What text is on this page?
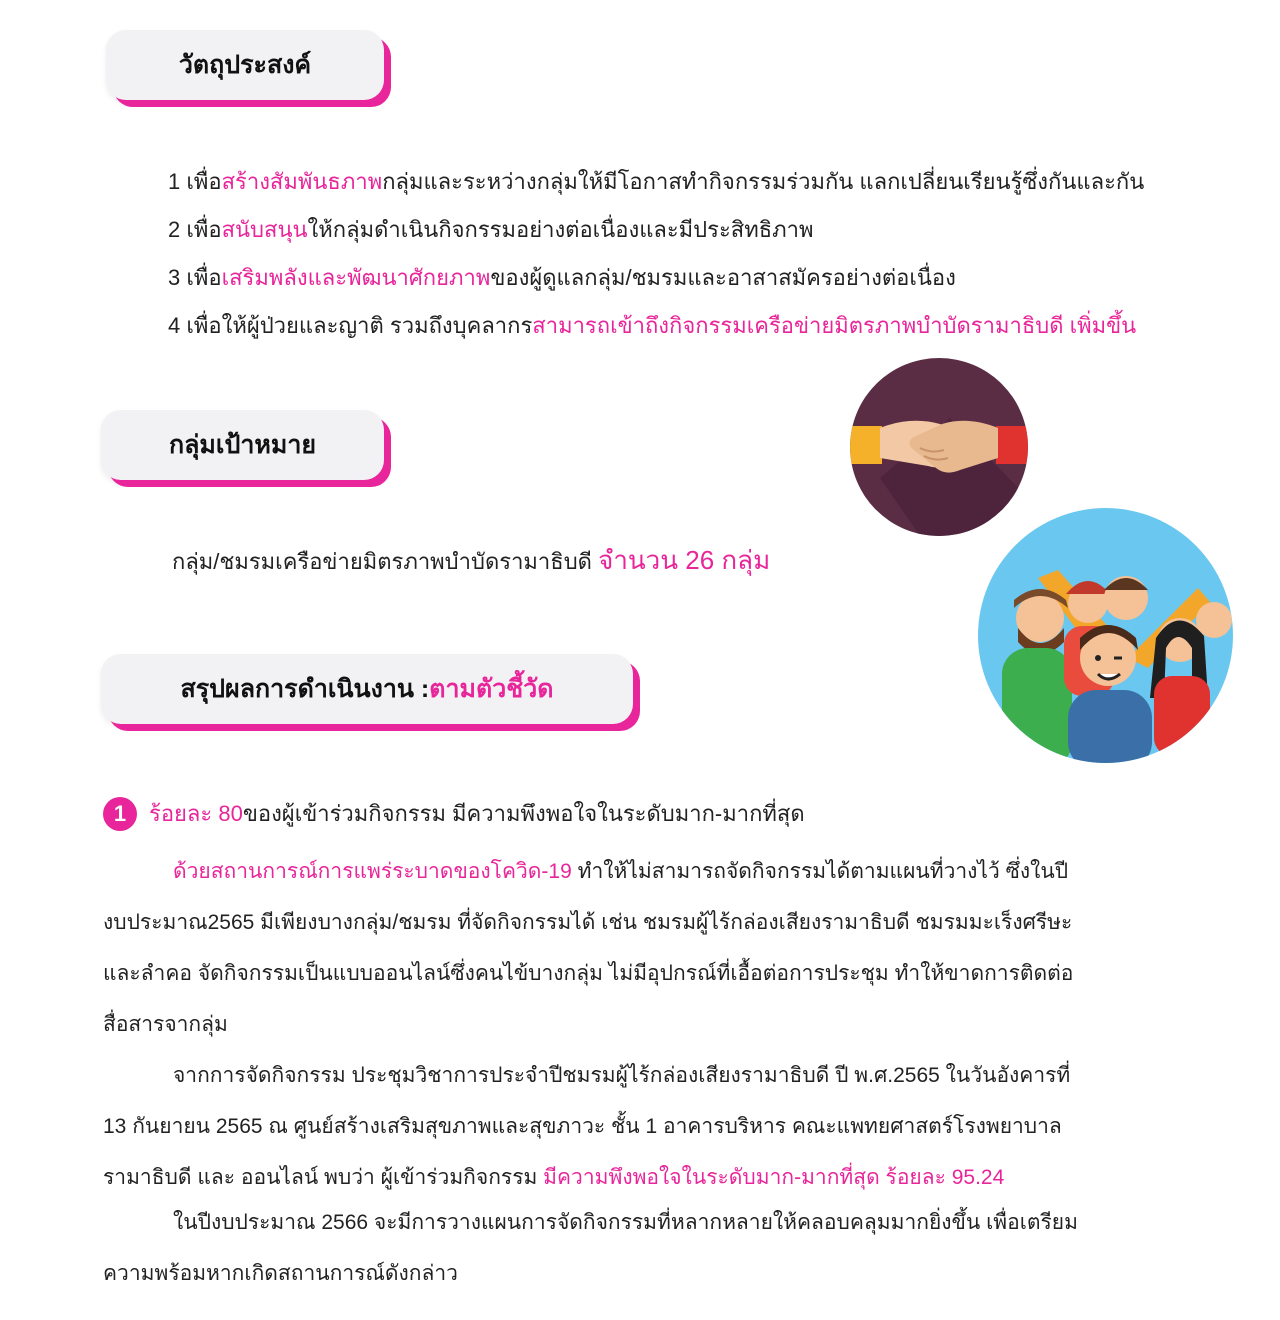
วัตถุประสงค์
1 เพื่อสร้างสัมพันธภาพกลุ่มและระหว่างกลุ่มให้มีโอกาสทำกิจกรรมร่วมกัน แลกเปลี่ยนเรียนรู้ซึ่งกันและกัน
2 เพื่อสนับสนุนให้กลุ่มดำเนินกิจกรรมอย่างต่อเนื่องและมีประสิทธิภาพ
3 เพื่อเสริมพลังและพัฒนาศักยภาพของผู้ดูแลกลุ่ม/ชมรมและอาสาสมัครอย่างต่อเนื่อง
4 เพื่อให้ผู้ป่วยและญาติ รวมถึงบุคลากรสามารถเข้าถึงกิจกรรมเครือข่ายมิตรภาพบำบัดรามาธิบดี เพิ่มขึ้น
กลุ่มเป้าหมาย
กลุ่ม/ชมรมเครือข่ายมิตรภาพบำบัดรามาธิบดี จำนวน 26 กลุ่ม
สรุปผลการดำเนินงาน : ตามตัวชี้วัด
1	ร้อยละ 80 ของผู้เข้าร่วมกิจกรรม มีความพึงพอใจในระดับมาก-มากที่สุด
ด้วยสถานการณ์การแพร่ระบาดของโควิด-19 ทำให้ไม่สามารถจัดกิจกรรมได้ตามแผนที่วางไว้ ซึ่งในปี
งบประมาณ2565 มีเพียงบางกลุ่ม/ชมรม ที่จัดกิจกรรมได้ เช่น ชมรมผู้ไร้กล่องเสียงรามาธิบดี ชมรมมะเร็งศรีษะ
และลำคอ จัดกิจกรรมเป็นแบบออนไลน์ซึ่งคนไข้บางกลุ่ม ไม่มีอุปกรณ์ที่เอื้อต่อการประชุม ทำให้ขาดการติดต่อ
สื่อสารจากลุ่ม
จากการจัดกิจกรรม ประชุมวิชาการประจำปีชมรมผู้ไร้กล่องเสียงรามาธิบดี ปี พ.ศ.2565 ในวันอังคารที่
13 กันยายน 2565 ณ ศูนย์สร้างเสริมสุขภาพและสุขภาวะ ชั้น 1 อาคารบริหาร คณะแพทยศาสตร์โรงพยาบาล
รามาธิบดี และ ออนไลน์ พบว่า ผู้เข้าร่วมกิจกรรม มีความพึงพอใจในระดับมาก-มากที่สุด ร้อยละ 95.24
ในปีงบประมาณ 2566 จะมีการวางแผนการจัดกิจกรรมที่หลากหลายให้คลอบคลุมมากยิ่งขึ้น เพื่อเตรียม
ความพร้อมหากเกิดสถานการณ์ดังกล่าว
